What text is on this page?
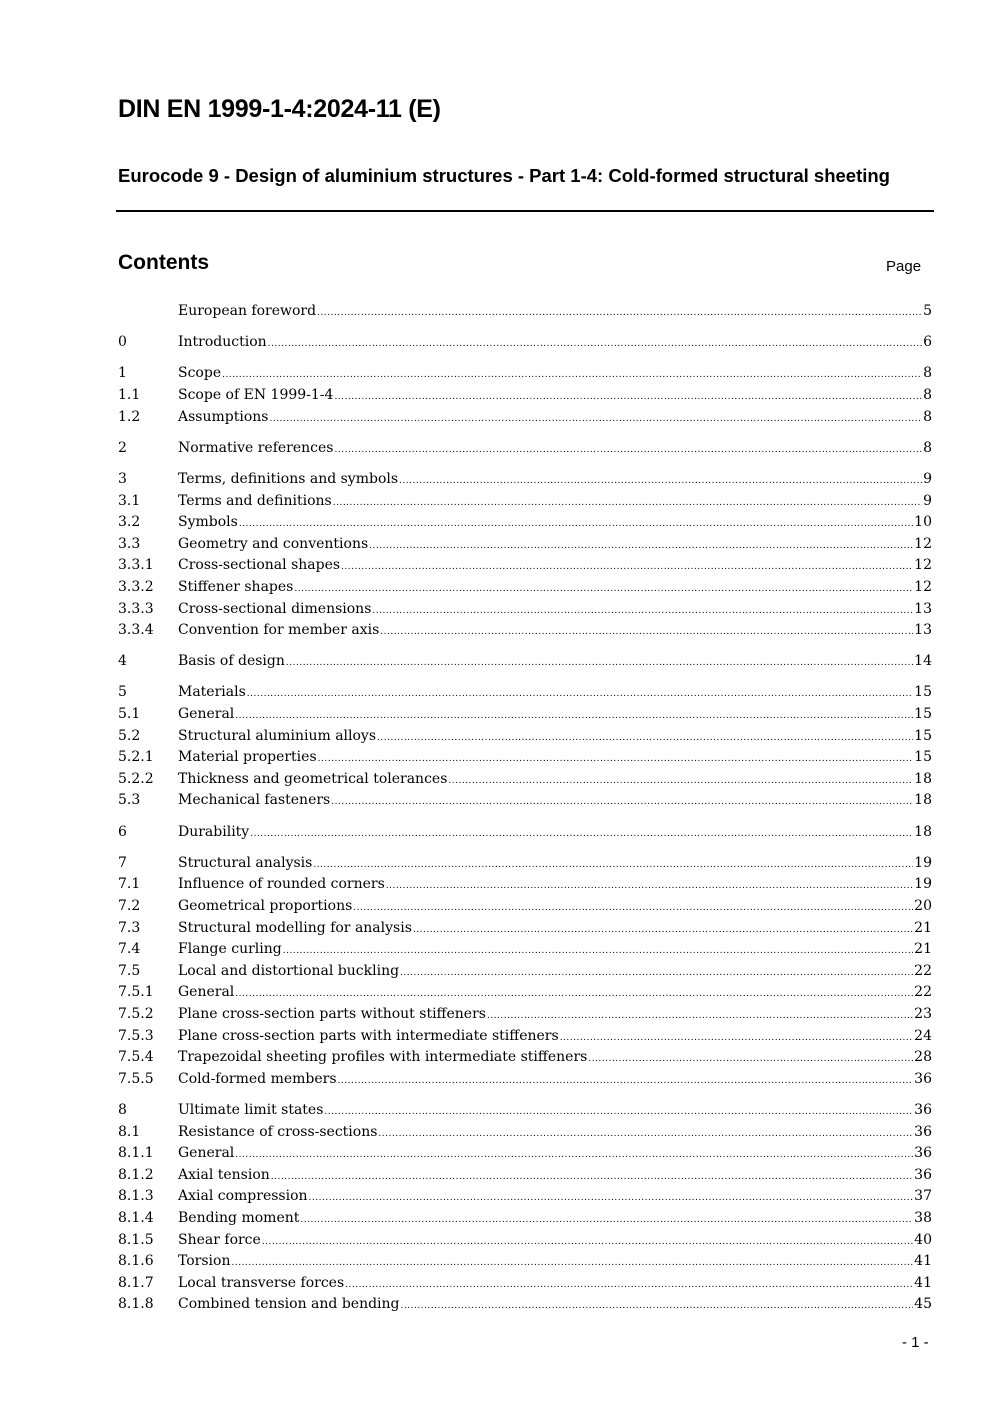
DIN EN 1999-1-4:2024-11 (E)
Eurocode 9 - Design of aluminium structures - Part 1-4: Cold-formed structural sheeting
Contents	Page
European foreword .....	5
0	Introduction .....	6
1	Scope .....	8
1.1	Scope of EN 1999-1-4 .....	8
1.2	Assumptions .....	8
2	Normative references .....	8
3	Terms, definitions and symbols .....	9
3.1	Terms and definitions .....	9
3.2	Symbols .....	10
3.3	Geometry and conventions .....	12
3.3.1	Cross-sectional shapes .....	12
3.3.2	Stiffener shapes .....	12
3.3.3	Cross-sectional dimensions .....	13
3.3.4	Convention for member axis .....	13
4	Basis of design .....	14
5	Materials .....	15
5.1	General .....	15
5.2	Structural aluminium alloys .....	15
5.2.1	Material properties .....	15
5.2.2	Thickness and geometrical tolerances .....	18
5.3	Mechanical fasteners .....	18
6	Durability .....	18
7	Structural analysis .....	19
7.1	Influence of rounded corners .....	19
7.2	Geometrical proportions .....	20
7.3	Structural modelling for analysis .....	21
7.4	Flange curling .....	21
7.5	Local and distortional buckling .....	22
7.5.1	General .....	22
7.5.2	Plane cross-section parts without stiffeners .....	23
7.5.3	Plane cross-section parts with intermediate stiffeners .....	24
7.5.4	Trapezoidal sheeting profiles with intermediate stiffeners .....	28
7.5.5	Cold-formed members .....	36
8	Ultimate limit states .....	36
8.1	Resistance of cross-sections .....	36
8.1.1	General .....	36
8.1.2	Axial tension .....	36
8.1.3	Axial compression .....	37
8.1.4	Bending moment .....	38
8.1.5	Shear force .....	40
8.1.6	Torsion .....	41
8.1.7	Local transverse forces .....	41
8.1.8	Combined tension and bending .....	45
- 1 -
